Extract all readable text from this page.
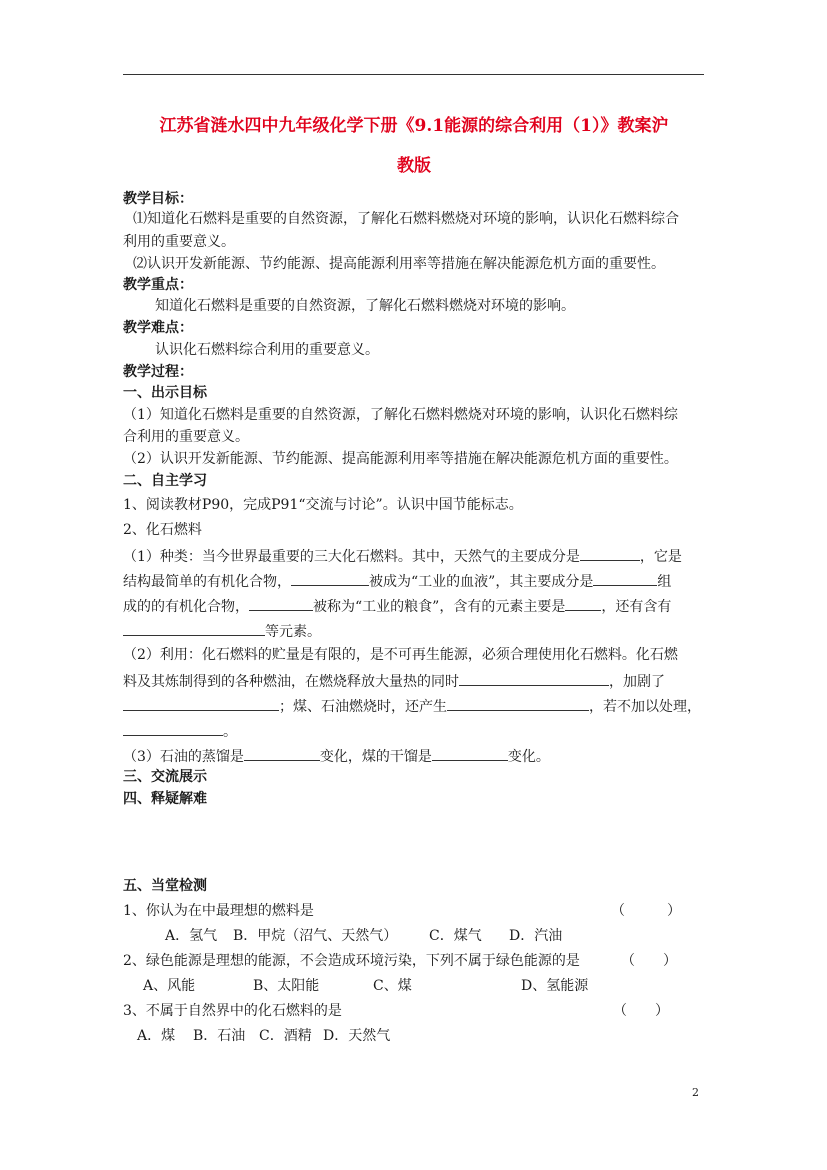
江苏省涟水四中九年级化学下册《9.1能源的综合利用（1）》教案沪
教版
教学目标：
⑴知道化石燃料是重要的自然资源，了解化石燃料燃烧对环境的影响，认识化石燃料综合
利用的重要意义。
⑵认识开发新能源、节约能源、提高能源利用率等措施在解决能源危机方面的重要性。
教学重点：
知道化石燃料是重要的自然资源，了解化石燃料燃烧对环境的影响。
教学难点：
认识化石燃料综合利用的重要意义。
教学过程：
一、出示目标
（1）知道化石燃料是重要的自然资源，了解化石燃料燃烧对环境的影响，认识化石燃料综
合利用的重要意义。
（2）认识开发新能源、节约能源、提高能源利用率等措施在解决能源危机方面的重要性。
二、自主学习
1、阅读教材P90，完成P91“交流与讨论”。认识中国节能标志。
2、化石燃料
（1）种类：当今世界最重要的三大化石燃料。其中，天然气的主要成分是	，它是
结构最简单的有机化合物，	被成为“工业的血液”，其主要成分是	组
成的的有机化合物，	被称为“工业的粮食”，含有的元素主要是	，还有含有
等元素。
（2）利用：化石燃料的贮量是有限的，是不可再生能源，必须合理使用化石燃料。化石燃
料及其炼制得到的各种燃油，在燃烧释放大量热的同时	，加剧了
；煤、石油燃烧时，还产生	，若不加以处理，
。
（3）石油的蒸馏是	变化，煤的干馏是	变化。
三、交流展示
四、释疑解难
五、当堂检测
1、你认为在中最理想的燃料是	（　　　）
A．氢气 B．甲烷（沼气、天然气） C．煤气 D．汽油
2、绿色能源是理想的能源，不会造成环境污染，下列不属于绿色能源的是	（　　）
A、风能	B、太阳能	C、煤	D、氢能源
3、不属于自然界中的化石燃料的是	（　　）
A．煤 B．石油 C．酒精 D．天然气
2
